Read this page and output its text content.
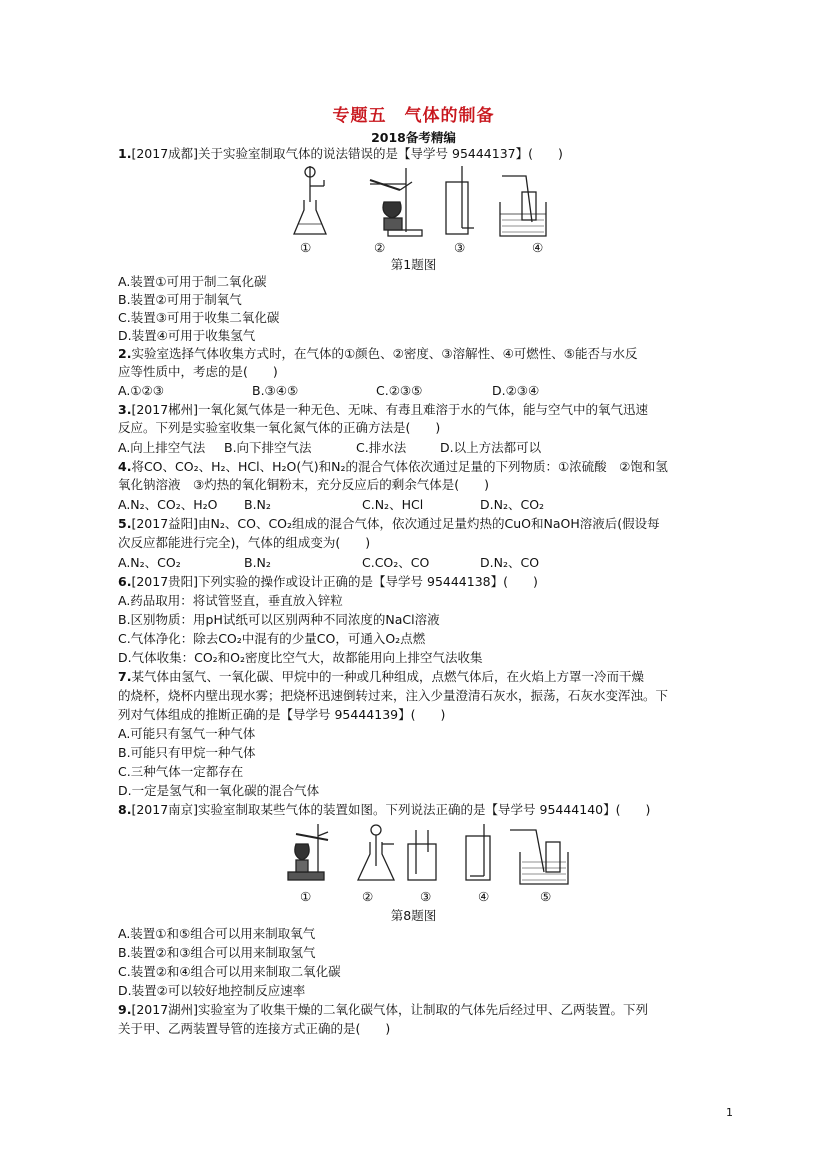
专题五　气体的制备
2018备考精编
1.[2017成都]关于实验室制取气体的说法错误的是【导学号 95444137】(　　)
①	②	③	④
第1题图
A.装置①可用于制二氧化碳
B.装置②可用于制氧气
C.装置③可用于收集二氧化碳
D.装置④可用于收集氢气
2.实验室选择气体收集方式时，在气体的①颜色、②密度、③溶解性、④可燃性、⑤能否与水反
应等性质中，考虑的是(　　)
A.①②③	B.③④⑤	C.②③⑤	D.②③④
3.[2017郴州]一氧化氮气体是一种无色、无味、有毒且难溶于水的气体，能与空气中的氧气迅速
反应。下列是实验室收集一氧化氮气体的正确方法是(　　)
A.向上排空气法 B.向下排空气法	C.排水法	D.以上方法都可以
4.将CO、CO₂、H₂、HCl、H₂O(气)和N₂的混合气体依次通过足量的下列物质：①浓硫酸　②饱和氢
氧化钠溶液　③灼热的氧化铜粉末，充分反应后的剩余气体是(　　)
A.N₂、CO₂、H₂O B.N₂	C.N₂、HCl	D.N₂、CO₂
5.[2017益阳]由N₂、CO、CO₂组成的混合气体，依次通过足量灼热的CuO和NaOH溶液后(假设每
次反应都能进行完全)，气体的组成变为(　　)
A.N₂、CO₂	B.N₂	C.CO₂、CO	D.N₂、CO
6.[2017贵阳]下列实验的操作或设计正确的是【导学号 95444138】(　　)
A.药品取用：将试管竖直，垂直放入锌粒
B.区别物质：用pH试纸可以区别两种不同浓度的NaCl溶液
C.气体净化：除去CO₂中混有的少量CO，可通入O₂点燃
D.气体收集：CO₂和O₂密度比空气大，故都能用向上排空气法收集
7.某气体由氢气、一氧化碳、甲烷中的一种或几种组成，点燃气体后，在火焰上方罩一冷而干燥
的烧杯，烧杯内壁出现水雾；把烧杯迅速倒转过来，注入少量澄清石灰水，振荡，石灰水变浑浊。下
列对气体组成的推断正确的是【导学号 95444139】(　　)
A.可能只有氢气一种气体
B.可能只有甲烷一种气体
C.三种气体一定都存在
D.一定是氢气和一氧化碳的混合气体
8.[2017南京]实验室制取某些气体的装置如图。下列说法正确的是【导学号 95444140】(　　)
①	②	③	④	⑤
第8题图
A.装置①和⑤组合可以用来制取氧气
B.装置②和③组合可以用来制取氢气
C.装置②和④组合可以用来制取二氧化碳
D.装置②可以较好地控制反应速率
9.[2017湖州]实验室为了收集干燥的二氧化碳气体，让制取的气体先后经过甲、乙两装置。下列
关于甲、乙两装置导管的连接方式正确的是(　　)
1
